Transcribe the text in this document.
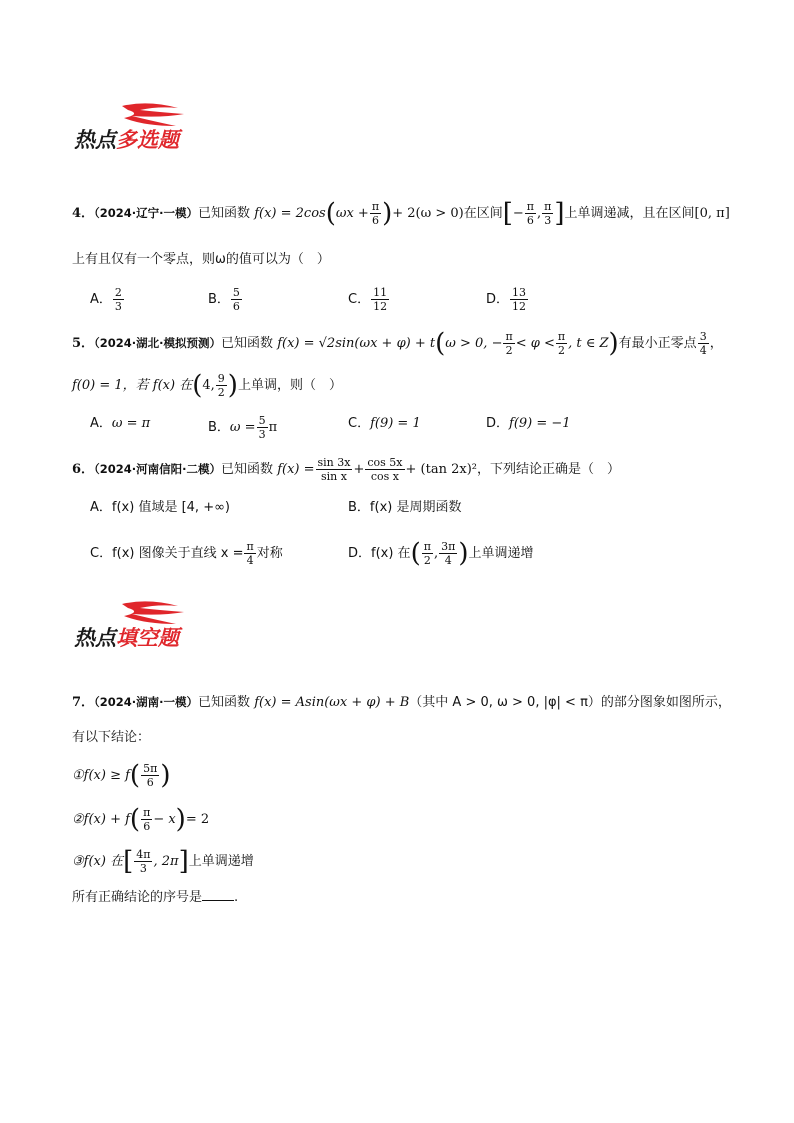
热点多选题
4．（2024·辽宁·一模）已知函数 $f(x) = 2\cos(\omega x + \frac{\pi}{6}$ )+ 2(ω > 0)在区间[− $\frac{\pi}{6}$ , $\frac{\pi}{3}$ ]上单调递减，且在区间[0, π]
上有且仅有一个零点，则ω的值可以为（　）
A． $\frac{2}{3}$	B． $\frac{5}{6}$	C． $\frac{11}{12}$	D． $\frac{13}{12}$
5．（2024·湖北·模拟预测）已知函数 f(x) = √2sin(ωx + φ) + t(ω > 0, − $\frac{\pi}{2} < \varphi < \frac{\pi}{2}$ , t ∈ Z)有最小正零点 $\frac{3}{4}$ ，
f(0) = 1，若 f(x) 在(4, $\frac{9}{2}$ )上单调，则（　）
A．ω = π	B．$\omega = \frac{5}{3}$ π	C．f(9) = 1	D．f(9) = −1
6．（2024·河南信阳·二模）已知函数 $f(x) = \frac{\sin 3x}{\text{sin x}} + \frac{\cos 5x}{\text{cos x}} + (\tan$ 2x)²，下列结论正确是（　）
A．f(x) 值域是 [4, +∞)	B．f(x) 是周期函数
C．f(x) 图像关于直线 $x = \frac{\pi}{4}$ 对称	D．f(x) 在( $\frac{\pi}{2}$ , $\frac{3\pi}{4}$ )上单调递增
热点填空题
7．（2024·湖南·一模）已知函数 f(x) = Asin(ωx + φ) + B（其中 A > 0, ω > 0, |φ| < π）的部分图象如图所示，
有以下结论：
①f(x) ≥ $f( \frac{5\pi}{6}$ )
②f(x) + $f( \frac{\pi}{6} - x)= 2$
③f(x) 在[ $\frac{4\pi}{3}$ , 2π]上单调递增
所有正确结论的序号是 .
